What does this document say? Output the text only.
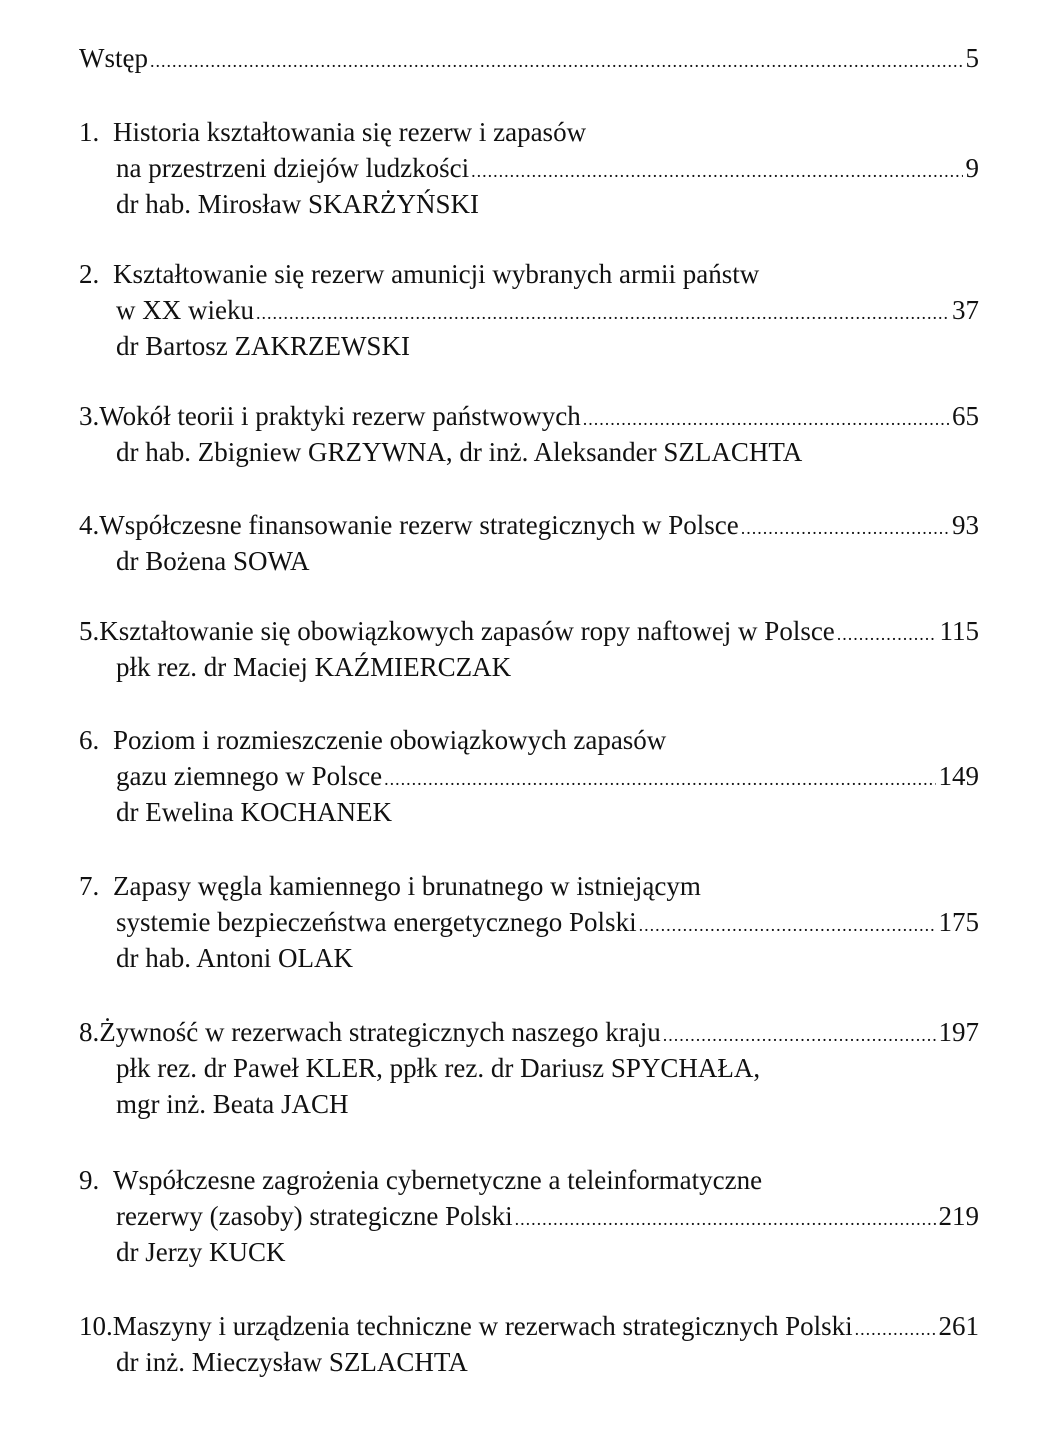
Wstęp .....	5
1. Historia kształtowania się rezerw i zapasów
na przestrzeni dziejów ludzkości .....	9
dr hab. Mirosław SKARŻYŃSKI
2. Kształtowanie się rezerw amunicji wybranych armii państw
w XX wieku .....	37
dr Bartosz ZAKRZEWSKI
3. Wokół teorii i praktyki rezerw państwowych .....	65
dr hab. Zbigniew GRZYWNA, dr inż. Aleksander SZLACHTA
4. Współczesne finansowanie rezerw strategicznych w Polsce .....	93
dr Bożena SOWA
5. Kształtowanie się obowiązkowych zapasów ropy naftowej w Polsce .....	115
płk rez. dr Maciej KAŹMIERCZAK
6. Poziom i rozmieszczenie obowiązkowych zapasów
gazu ziemnego w Polsce .....	149
dr Ewelina KOCHANEK
7. Zapasy węgla kamiennego i brunatnego w istniejącym
systemie bezpieczeństwa energetycznego Polski .....	175
dr hab. Antoni OLAK
8. Żywność w rezerwach strategicznych naszego kraju .....	197
płk rez. dr Paweł KLER, ppłk rez. dr Dariusz SPYCHAŁA,
mgr inż. Beata JACH
9. Współczesne zagrożenia cybernetyczne a teleinformatyczne
rezerwy (zasoby) strategiczne Polski .....	219
dr Jerzy KUCK
10. Maszyny i urządzenia techniczne w rezerwach strategicznych Polski .....	261
dr inż. Mieczysław SZLACHTA
